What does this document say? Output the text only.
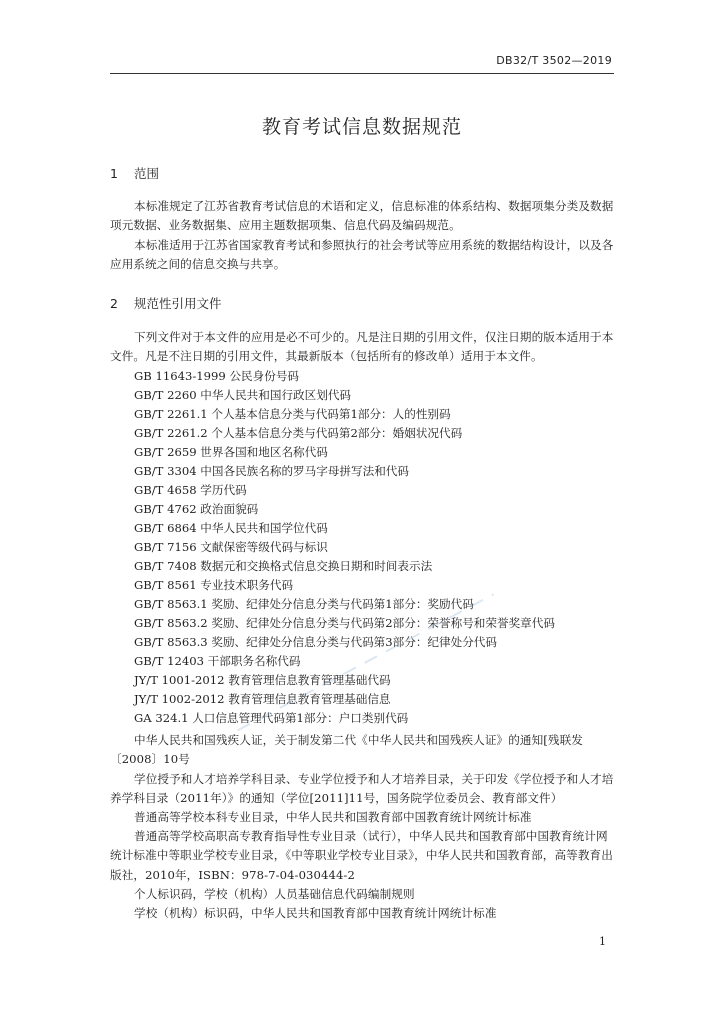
DB32/T 3502—2019
教育考试信息数据规范
1 范围
本标准规定了江苏省教育考试信息的术语和定义，信息标准的体系结构、数据项集分类及数据项元数据、业务数据集、应用主题数据项集、信息代码及编码规范。
本标准适用于江苏省国家教育考试和参照执行的社会考试等应用系统的数据结构设计，以及各应用系统之间的信息交换与共享。
2 规范性引用文件
下列文件对于本文件的应用是必不可少的。凡是注日期的引用文件，仅注日期的版本适用于本文件。凡是不注日期的引用文件，其最新版本（包括所有的修改单）适用于本文件。
GB 11643-1999 公民身份号码
GB/T 2260 中华人民共和国行政区划代码
GB/T 2261.1 个人基本信息分类与代码第1部分：人的性别码
GB/T 2261.2 个人基本信息分类与代码第2部分：婚姻状况代码
GB/T 2659 世界各国和地区名称代码
GB/T 3304 中国各民族名称的罗马字母拼写法和代码
GB/T 4658 学历代码
GB/T 4762 政治面貌码
GB/T 6864 中华人民共和国学位代码
GB/T 7156 文献保密等级代码与标识
GB/T 7408 数据元和交换格式信息交换日期和时间表示法
GB/T 8561 专业技术职务代码
GB/T 8563.1 奖励、纪律处分信息分类与代码第1部分：奖励代码
GB/T 8563.2 奖励、纪律处分信息分类与代码第2部分：荣誉称号和荣誉奖章代码
GB/T 8563.3 奖励、纪律处分信息分类与代码第3部分：纪律处分代码
GB/T 12403 干部职务名称代码
JY/T 1001-2012 教育管理信息教育管理基础代码
JY/T 1002-2012 教育管理信息教育管理基础信息
GA 324.1 人口信息管理代码第1部分：户口类别代码
中华人民共和国残疾人证，关于制发第二代《中华人民共和国残疾人证》的通知[残联发〔2008〕10号
学位授予和人才培养学科目录、专业学位授予和人才培养目录，关于印发《学位授予和人才培养学科目录（2011年）》的通知（学位[2011]11号，国务院学位委员会、教育部文件）
普通高等学校本科专业目录，中华人民共和国教育部中国教育统计网统计标准
普通高等学校高职高专教育指导性专业目录（试行），中华人民共和国教育部中国教育统计网统计标准中等职业学校专业目录，《中等职业学校专业目录》，中华人民共和国教育部，高等教育出版社，2010年，ISBN：978-7-04-030444-2
个人标识码，学校（机构）人员基础信息代码编制规则
学校（机构）标识码，中华人民共和国教育部中国教育统计网统计标准
1
